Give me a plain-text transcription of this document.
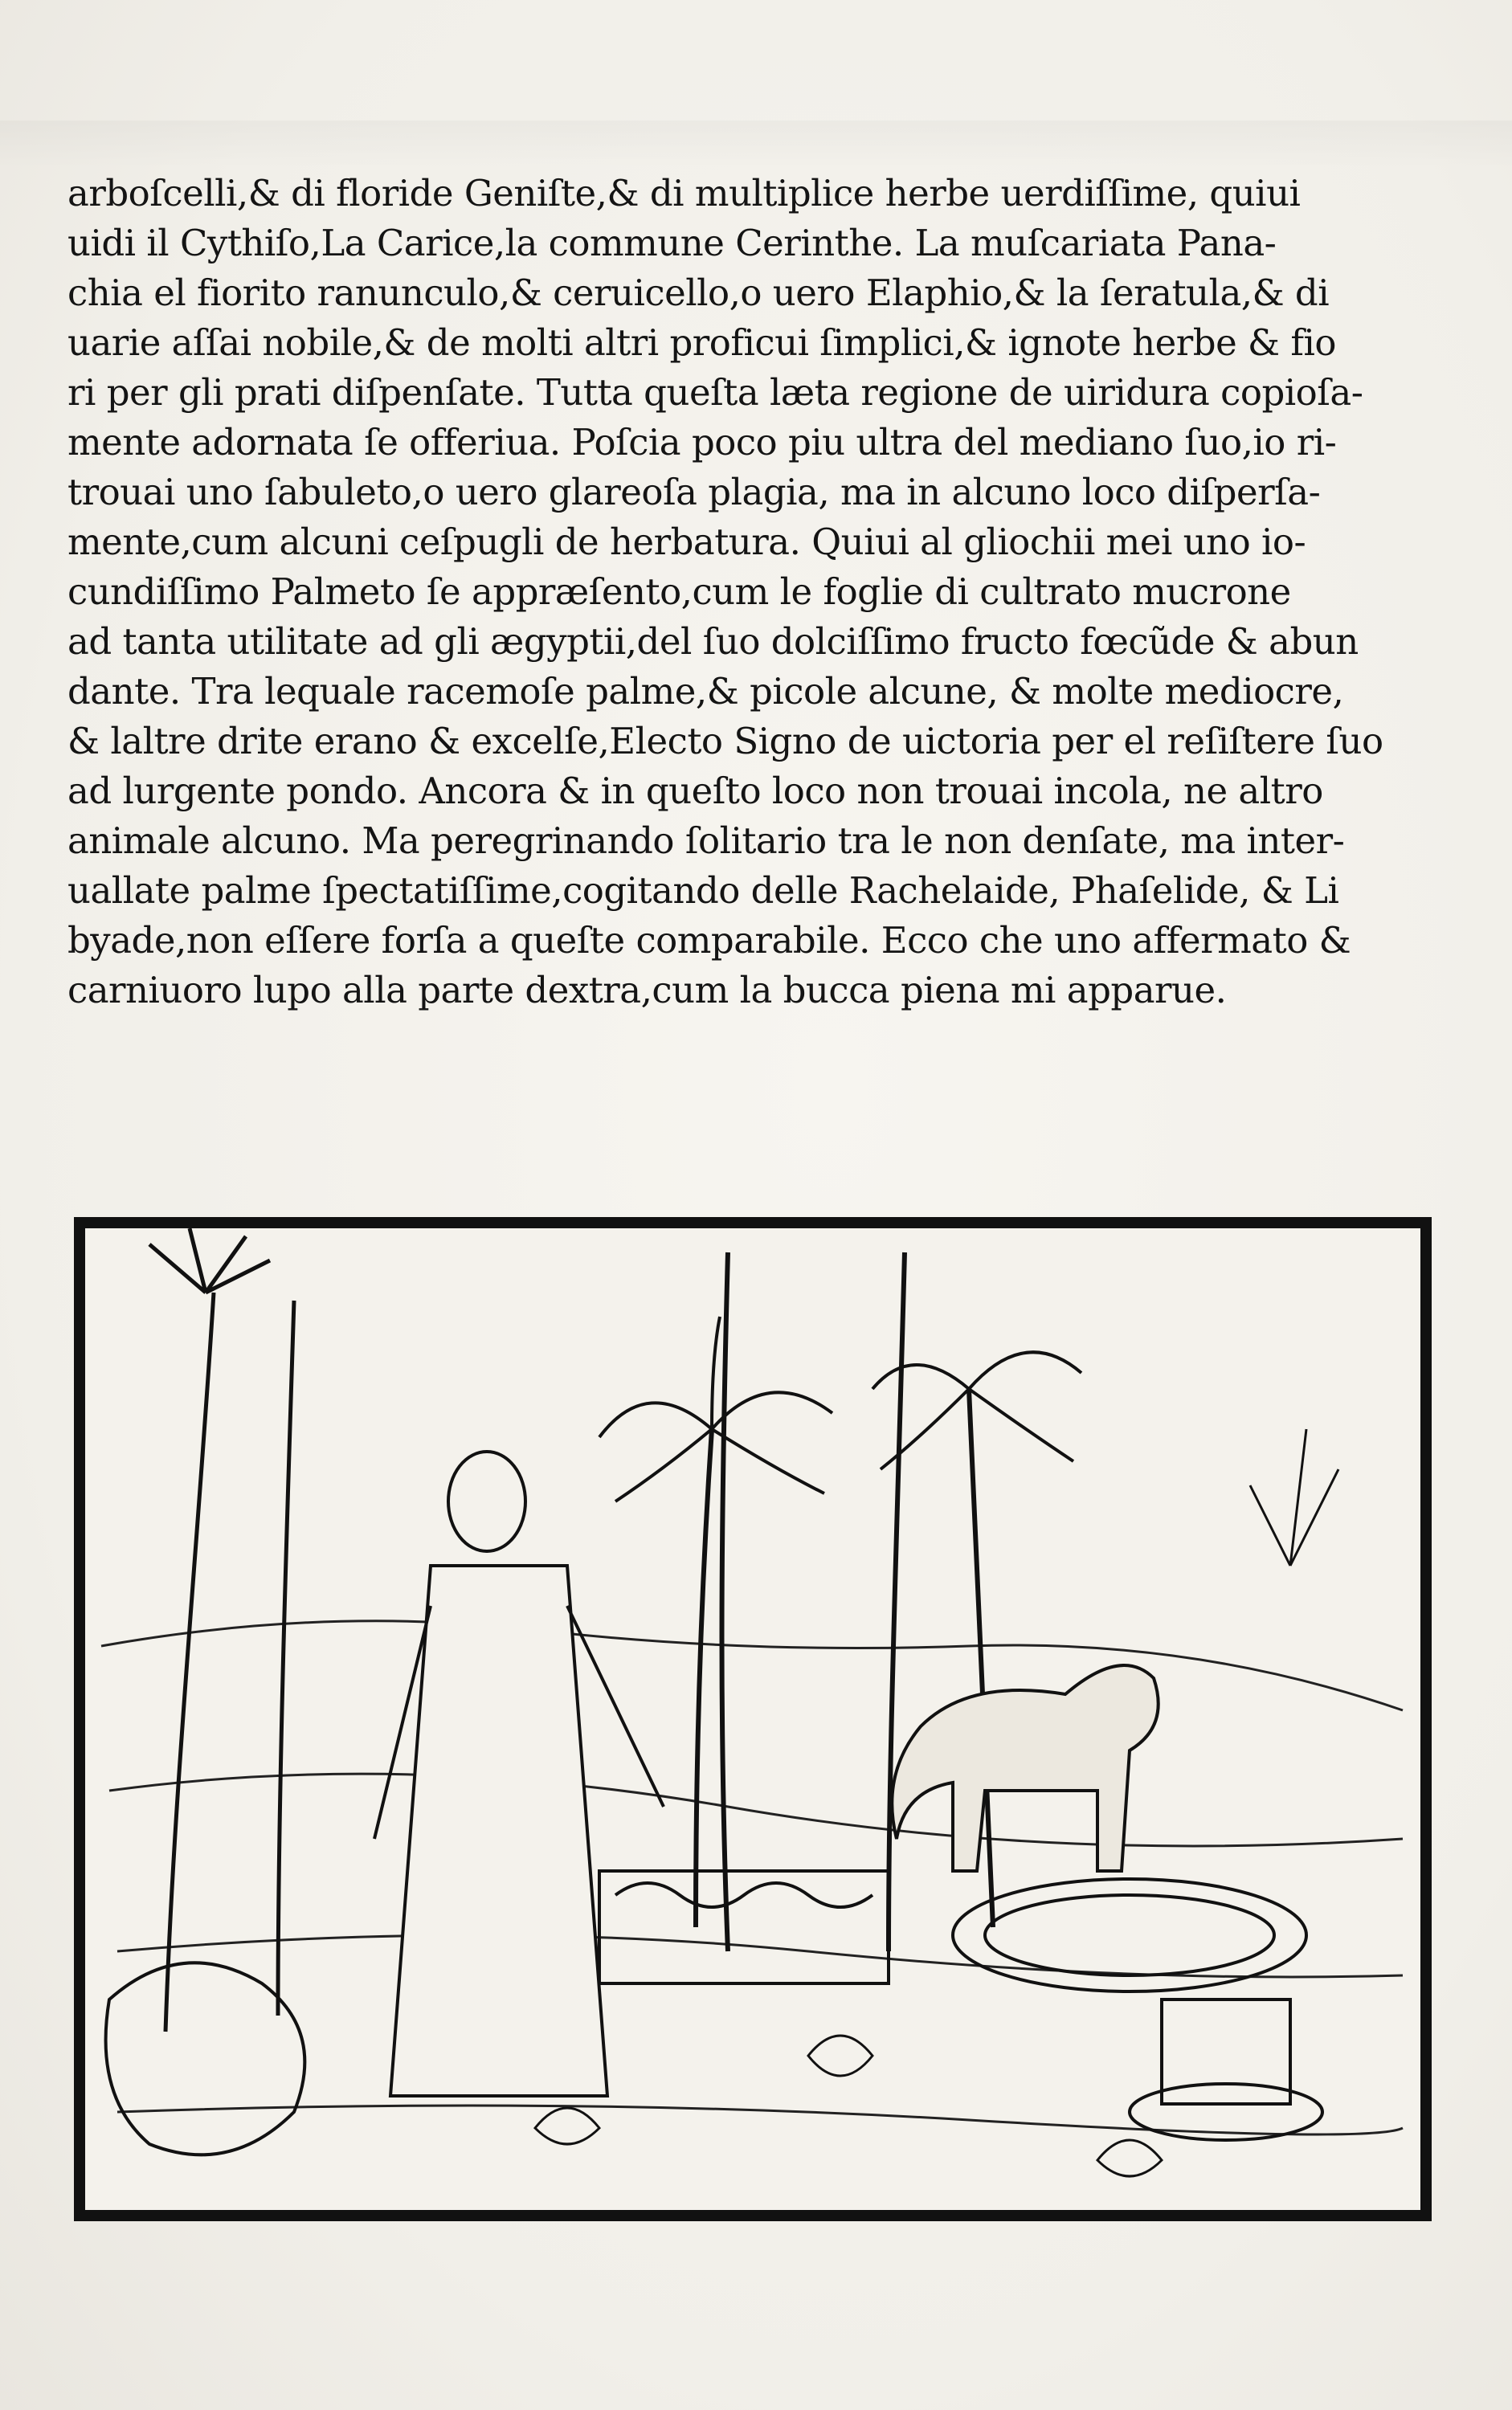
arboſcelli,& di floride Geniſte,& di multiplice herbe uerdiſſime, quiui
uidi il Cythiſo,La Carice,la commune Cerinthe. La muſcariata Pana-
chia el fiorito ranunculo,& ceruicello,o uero Elaphio,& la ſeratula,& di
uarie aſſai nobile,& de molti altri proficui ſimplici,& ignote herbe & fio
ri per gli prati diſpenſate. Tutta queſta læta regione de uiridura copioſa-
mente adornata ſe offeriua. Poſcia poco piu ultra del mediano ſuo,io ri-
trouai uno ſabuleto,o uero glareoſa plagia, ma in alcuno loco diſperſa-
mente,cum alcuni ceſpugli de herbatura. Quiui al gliochii mei uno io-
cundiſſimo Palmeto ſe appræſento,cum le foglie di cultrato mucrone
ad tanta utilitate ad gli ægyptii,del ſuo dolciſſimo fructo fœcũde & abun
dante. Tra lequale racemoſe palme,& picole alcune, & molte mediocre,
& laltre drite erano & excelſe,Electo Signo de uictoria per el reſiſtere ſuo
ad lurgente pondo. Ancora & in queſto loco non trouai incola, ne altro
animale alcuno. Ma peregrinando ſolitario tra le non denſate, ma inter-
uallate palme ſpectatiſſime,cogitando delle Rachelaide, Phaſelide, & Li
byade,non eſſere forſa a queſte comparabile. Ecco che uno affermato &
carniuoro lupo alla parte dextra,cum la bucca piena mi apparue.
